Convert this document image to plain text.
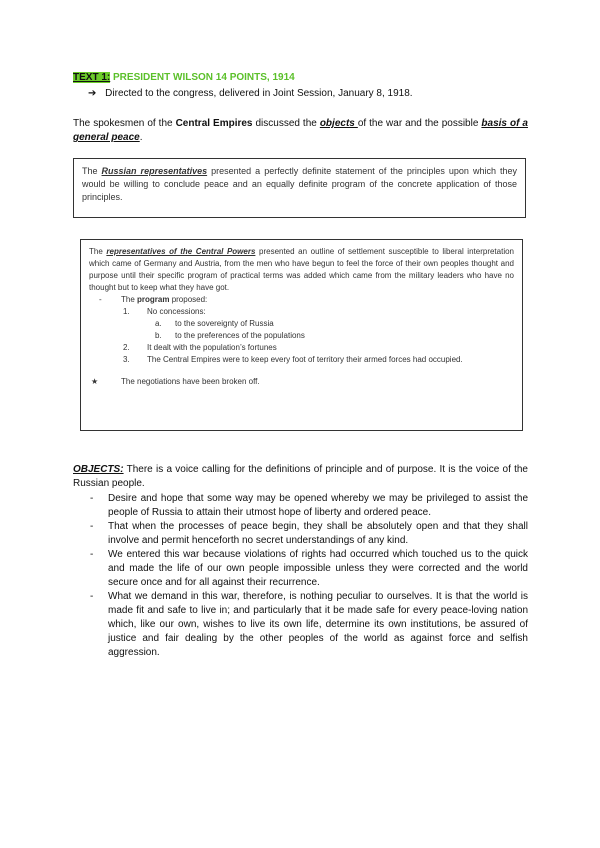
TEXT 1: PRESIDENT WILSON 14 POINTS, 1914
➔ Directed to the congress, delivered in Joint Session, January 8, 1918.
The spokesmen of the Central Empires discussed the objects of the war and the possible basis of a general peace.
The Russian representatives presented a perfectly definite statement of the principles upon which they would be willing to conclude peace and an equally definite program of the concrete application of those principles.
The representatives of the Central Powers presented an outline of settlement susceptible to liberal interpretation which came of Germany and Austria, from the men who have begun to feel the force of their own peoples thought and purpose until their specific program of practical terms was added which came from the military leaders who have no thought but to keep what they have got.
- The program proposed:
1. No concessions:
a. to the sovereignty of Russia
b. to the preferences of the populations
2. It dealt with the population’s fortunes
3.	The Central Empires were to keep every foot of territory their armed forces had occupied.
★	The negotiations have been broken off.
OBJECTS: There is a voice calling for the definitions of principle and of purpose. It is the voice of the Russian people.
-	Desire and hope that some way may be opened whereby we may be privileged to assist the people of Russia to attain their utmost hope of liberty and ordered peace.
-	That when the processes of peace begin, they shall be absolutely open and that they shall involve and permit henceforth no secret understandings of any kind.
-	We entered this war because violations of rights had occurred which touched us to the quick and made the life of our own people impossible unless they were corrected and the world secure once and for all against their recurrence.
-	What we demand in this war, therefore, is nothing peculiar to ourselves. It is that the world is made fit and safe to live in; and particularly that it be made safe for every peace-loving nation which, like our own, wishes to live its own life, determine its own institutions, be assured of justice and fair dealing by the other peoples of the world as against force and selfish aggression.
